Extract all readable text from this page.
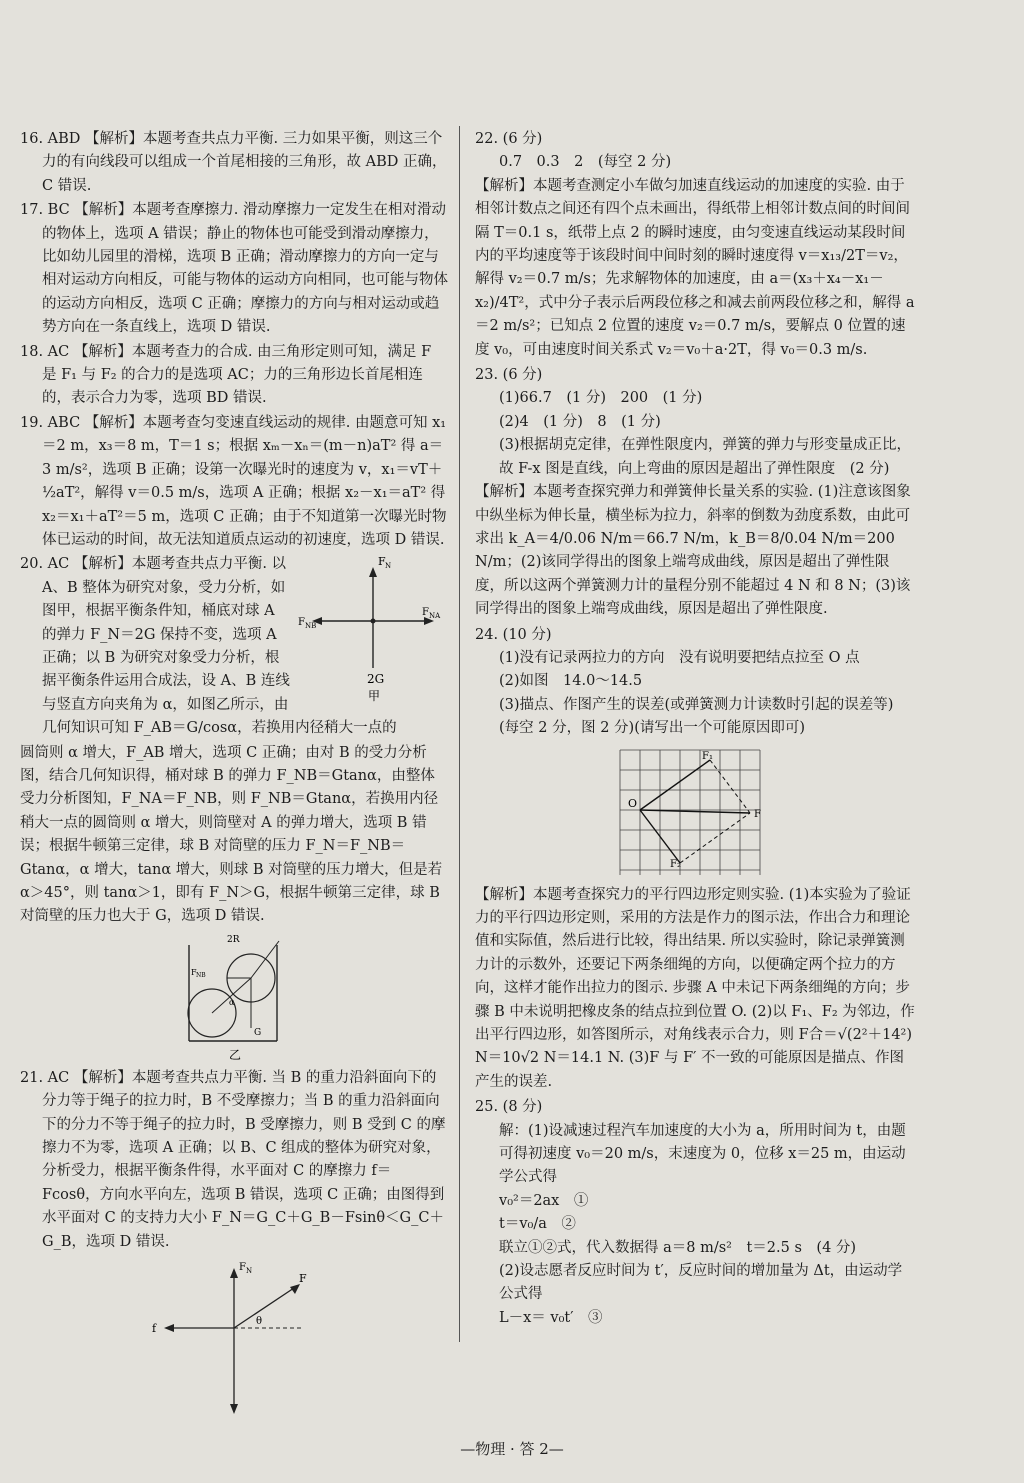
16. ABD 【解析】本题考查共点力平衡. 三力如果平衡，则这三个力的有向线段可以组成一个首尾相接的三角形，故 ABD 正确，C 错误.

17. BC 【解析】本题考查摩擦力. 滑动摩擦力一定发生在相对滑动的物体上，选项 A 错误；静止的物体也可能受到滑动摩擦力，比如幼儿园里的滑梯，选项 B 正确；滑动摩擦力的方向一定与相对运动方向相反，可能与物体的运动方向相同，也可能与物体的运动方向相反，选项 C 正确；摩擦力的方向与相对运动或趋势方向在一条直线上，选项 D 错误.

18. AC 【解析】本题考查力的合成. 由三角形定则可知，满足 F 是 F₁ 与 F₂ 的合力的是选项 AC；力的三角形边长首尾相连的，表示合力为零，选项 BD 错误.

19. ABC 【解析】本题考查匀变速直线运动的规律. 由题意可知 x₁＝2 m，x₃＝8 m，T＝1 s；根据 xₘ－xₙ＝(m－n)aT² 得 a＝3 m/s²，选项 B 正确；设第一次曝光时的速度为 v，x₁＝vT＋½aT²，解得 v＝0.5 m/s，选项 A 正确；根据 x₂－x₁＝aT² 得 x₂＝x₁＋aT²＝5 m，选项 C 正确；由于不知道第一次曝光时物体已运动的时间，故无法知道质点运动的初速度，选项 D 错误.

F N
F NB
F NA
2G
甲

20. AC 【解析】本题考查共点力平衡. 以 A、B 整体为研究对象，受力分析，如图甲，根据平衡条件知，桶底对球 A 的弹力 F_N＝2G 保持不变，选项 A 正确；以 B 为研究对象受力分析，根据平衡条件运用合成法，设 A、B 连线与竖直方向夹角为 α，如图乙所示，由几何知识可知 F_AB＝G/cosα，若换用内径稍大一点的

圆筒则 α 增大，F_AB 增大，选项 C 正确；由对 B 的受力分析图，结合几何知识得，桶对球 B 的弹力 F_NB＝Gtanα，由整体受力分析图知，F_NA＝F_NB，则 F_NB＝Gtanα，若换用内径稍大一点的圆筒则 α 增大，则筒壁对 A 的弹力增大，选项 B 错误；根据牛顿第三定律，球 B 对筒壁的压力 F_N＝F_NB＝Gtanα，α 增大，tanα 增大，则球 B 对筒壁的压力增大，但是若 α＞45°，则 tanα＞1，即有 F_N＞G，根据牛顿第三定律，球 B 对筒壁的压力也大于 G，选项 D 错误.

2R
F NB
G
α
乙

21. AC 【解析】本题考查共点力平衡. 当 B 的重力沿斜面向下的分力等于绳子的拉力时，B 不受摩擦力；当 B 的重力沿斜面向下的分力不等于绳子的拉力时，B 受摩擦力，则 B 受到 C 的摩擦力不为零，选项 A 正确；以 B、C 组成的整体为研究对象，分析受力，根据平衡条件得，水平面对 C 的摩擦力 f＝Fcosθ，方向水平向左，选项 B 错误，选项 C 正确；由图得到水平面对 C 的支持力大小 F_N＝G_C＋G_B－Fsinθ＜G_C＋G_B，选项 D 错误.

F N
f
F
θ

22. (6 分)

0.7　0.3　2　(每空 2 分)

【解析】本题考查测定小车做匀加速直线运动的加速度的实验. 由于相邻计数点之间还有四个点未画出，得纸带上相邻计数点间的时间间隔 T＝0.1 s，纸带上点 2 的瞬时速度，由匀变速直线运动某段时间内的平均速度等于该段时间中间时刻的瞬时速度得 v＝x₁₃/2T＝v₂，解得 v₂＝0.7 m/s；先求解物体的加速度，由 a＝(x₃＋x₄－x₁－x₂)/4T²，式中分子表示后两段位移之和减去前两段位移之和，解得 a＝2 m/s²；已知点 2 位置的速度 v₂＝0.7 m/s，要解点 0 位置的速度 v₀，可由速度时间关系式 v₂＝v₀＋a·2T，得 v₀＝0.3 m/s.

23. (6 分)

(1)66.7　(1 分)　200　(1 分)

(2)4　(1 分)　8　(1 分)

(3)根据胡克定律，在弹性限度内，弹簧的弹力与形变量成正比，故 F-x 图是直线，向上弯曲的原因是超出了弹性限度　(2 分)

【解析】本题考查探究弹力和弹簧伸长量关系的实验. (1)注意该图象中纵坐标为伸长量，横坐标为拉力，斜率的倒数为劲度系数，由此可求出 k_A＝4/0.06 N/m＝66.7 N/m，k_B＝8/0.04 N/m＝200 N/m；(2)该同学得出的图象上端弯成曲线，原因是超出了弹性限度，所以这两个弹簧测力计的量程分别不能超过 4 N 和 8 N；(3)该同学得出的图象上端弯成曲线，原因是超出了弹性限度.

24. (10 分)

(1)没有记录两拉力的方向　没有说明要把结点拉至 O 点

(2)如图　14.0～14.5

(3)描点、作图产生的误差(或弹簧测力计读数时引起的误差等)　(每空 2 分，图 2 分)(请写出一个可能原因即可)

O
F₁
F₂
F

【解析】本题考查探究力的平行四边形定则实验. (1)本实验为了验证力的平行四边形定则，采用的方法是作力的图示法，作出合力和理论值和实际值，然后进行比较，得出结果. 所以实验时，除记录弹簧测力计的示数外，还要记下两条细绳的方向，以便确定两个拉力的方向，这样才能作出拉力的图示. 步骤 A 中未记下两条细绳的方向；步骤 B 中未说明把橡皮条的结点拉到位置 O. (2)以 F₁、F₂ 为邻边，作出平行四边形，如答图所示，对角线表示合力，则 F合＝√(2²＋14²) N＝10√2 N＝14.1 N. (3)F 与 F′ 不一致的可能原因是描点、作图产生的误差.

25. (8 分)

解：(1)设减速过程汽车加速度的大小为 a，所用时间为 t，由题可得初速度 v₀＝20 m/s，末速度为 0，位移 x＝25 m，由运动学公式得

v₀²＝2ax　①

t＝v₀/a　②

联立①②式，代入数据得 a＝8 m/s²　t＝2.5 s　(4 分)

(2)设志愿者反应时间为 t′，反应时间的增加量为 Δt，由运动学公式得

L－x＝ v₀t′　③

—物理 · 答 2—
